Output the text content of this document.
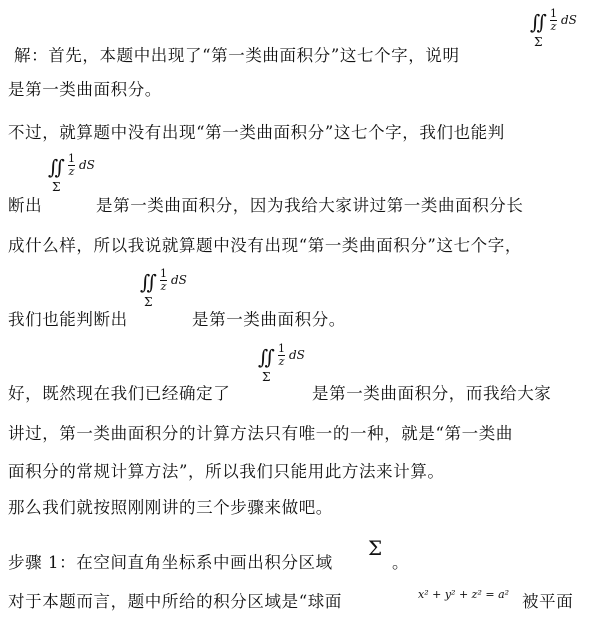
∬ 1
z dS
Σ
解：首先，本题中出现了“第一类曲面积分”这七个字，说明
是第一类曲面积分。
不过，就算题中没有出现“第一类曲面积分”这七个字，我们也能判
∬ 1
z dS
Σ
断出	是第一类曲面积分，因为我给大家讲过第一类曲面积分长
成什么样，所以我说就算题中没有出现“第一类曲面积分”这七个字，
∬ 1
z dS
Σ
我们也能判断出	是第一类曲面积分。
∬ 1
z dS
Σ
好，既然现在我们已经确定了	是第一类曲面积分，而我给大家
讲过，第一类曲面积分的计算方法只有唯一的一种，就是“第一类曲
面积分的常规计算方法”，所以我们只能用此方法来计算。
那么我们就按照刚刚讲的三个步骤来做吧。
步骤 1：在空间直角坐标系中画出积分区域
Σ
。
对于本题而言，题中所给的积分区域是“球面	$^{x^2 + y^2 + z^2 = a^2}$ 被平面
